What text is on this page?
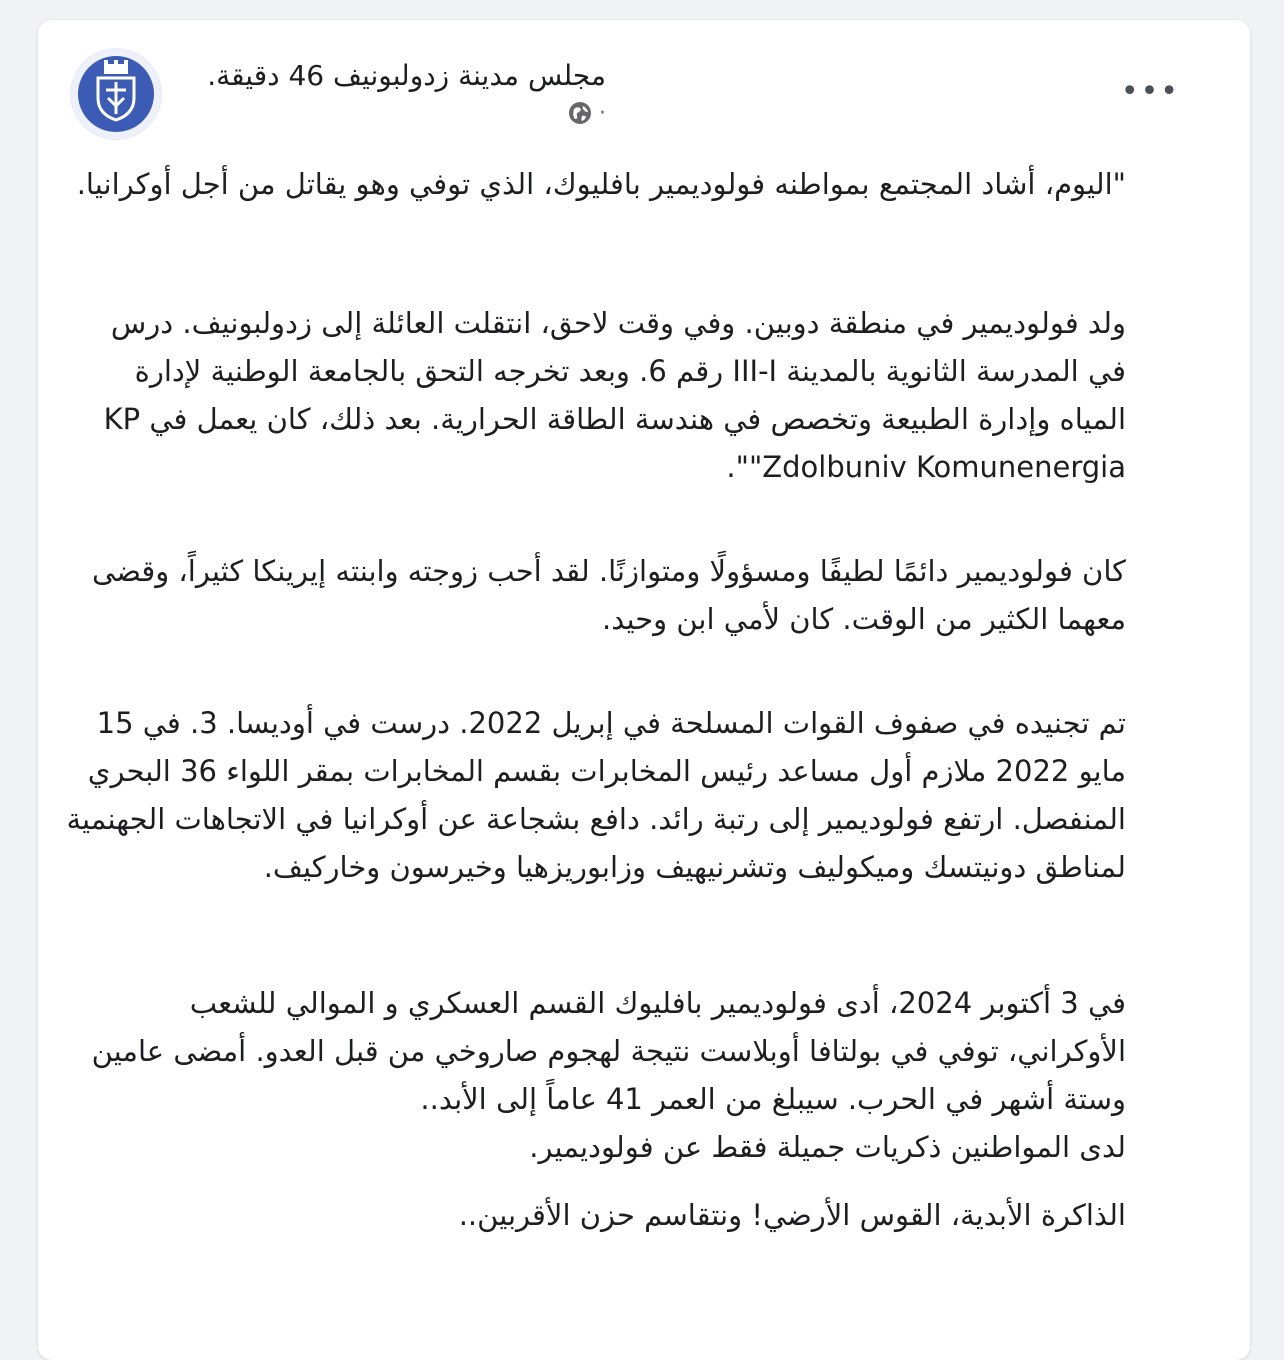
مجلس مدينة زدولبونيف 46 دقيقة.
·
•••

"اليوم، أشاد المجتمع بمواطنه فولوديمير بافليوك، الذي توفي وهو يقاتل من أجل أوكرانيا.

ولد فولوديمير في منطقة دوبين. وفي وقت لاحق، انتقلت العائلة إلى زدولبونيف. درس في المدرسة الثانوية بالمدينة III-I رقم 6. وبعد تخرجه التحق بالجامعة الوطنية لإدارة المياه وإدارة الطبيعة وتخصص في هندسة الطاقة الحرارية. بعد ذلك، كان يعمل في KP "Zdolbuniv Komunenergia".

كان فولوديمير دائمًا لطيفًا ومسؤولًا ومتوازنًا. لقد أحب زوجته وابنته إيرينكا كثيراً، وقضى معهما الكثير من الوقت. كان لأمي ابن وحيد.

تم تجنيده في صفوف القوات المسلحة في إبريل 2022. درست في أوديسا. 3. في 15 مايو 2022 ملازم أول مساعد رئيس المخابرات بقسم المخابرات بمقر اللواء 36 البحري المنفصل. ارتفع فولوديمير إلى رتبة رائد. دافع بشجاعة عن أوكرانيا في الاتجاهات الجهنمية لمناطق دونيتسك وميكوليف وتشرنيهيف وزابوريزهيا وخيرسون وخاركيف.

في 3 أكتوبر 2024، أدى فولوديمير بافليوك القسم العسكري و الموالي للشعب الأوكراني، توفي في بولتافا أوبلاست نتيجة لهجوم صاروخي من قبل العدو. أمضى عامين وستة أشهر في الحرب. سيبلغ من العمر 41 عاماً إلى الأبد..

لدى المواطنين ذكريات جميلة فقط عن فولوديمير.

الذاكرة الأبدية، القوس الأرضي! ونتقاسم حزن الأقربين..
